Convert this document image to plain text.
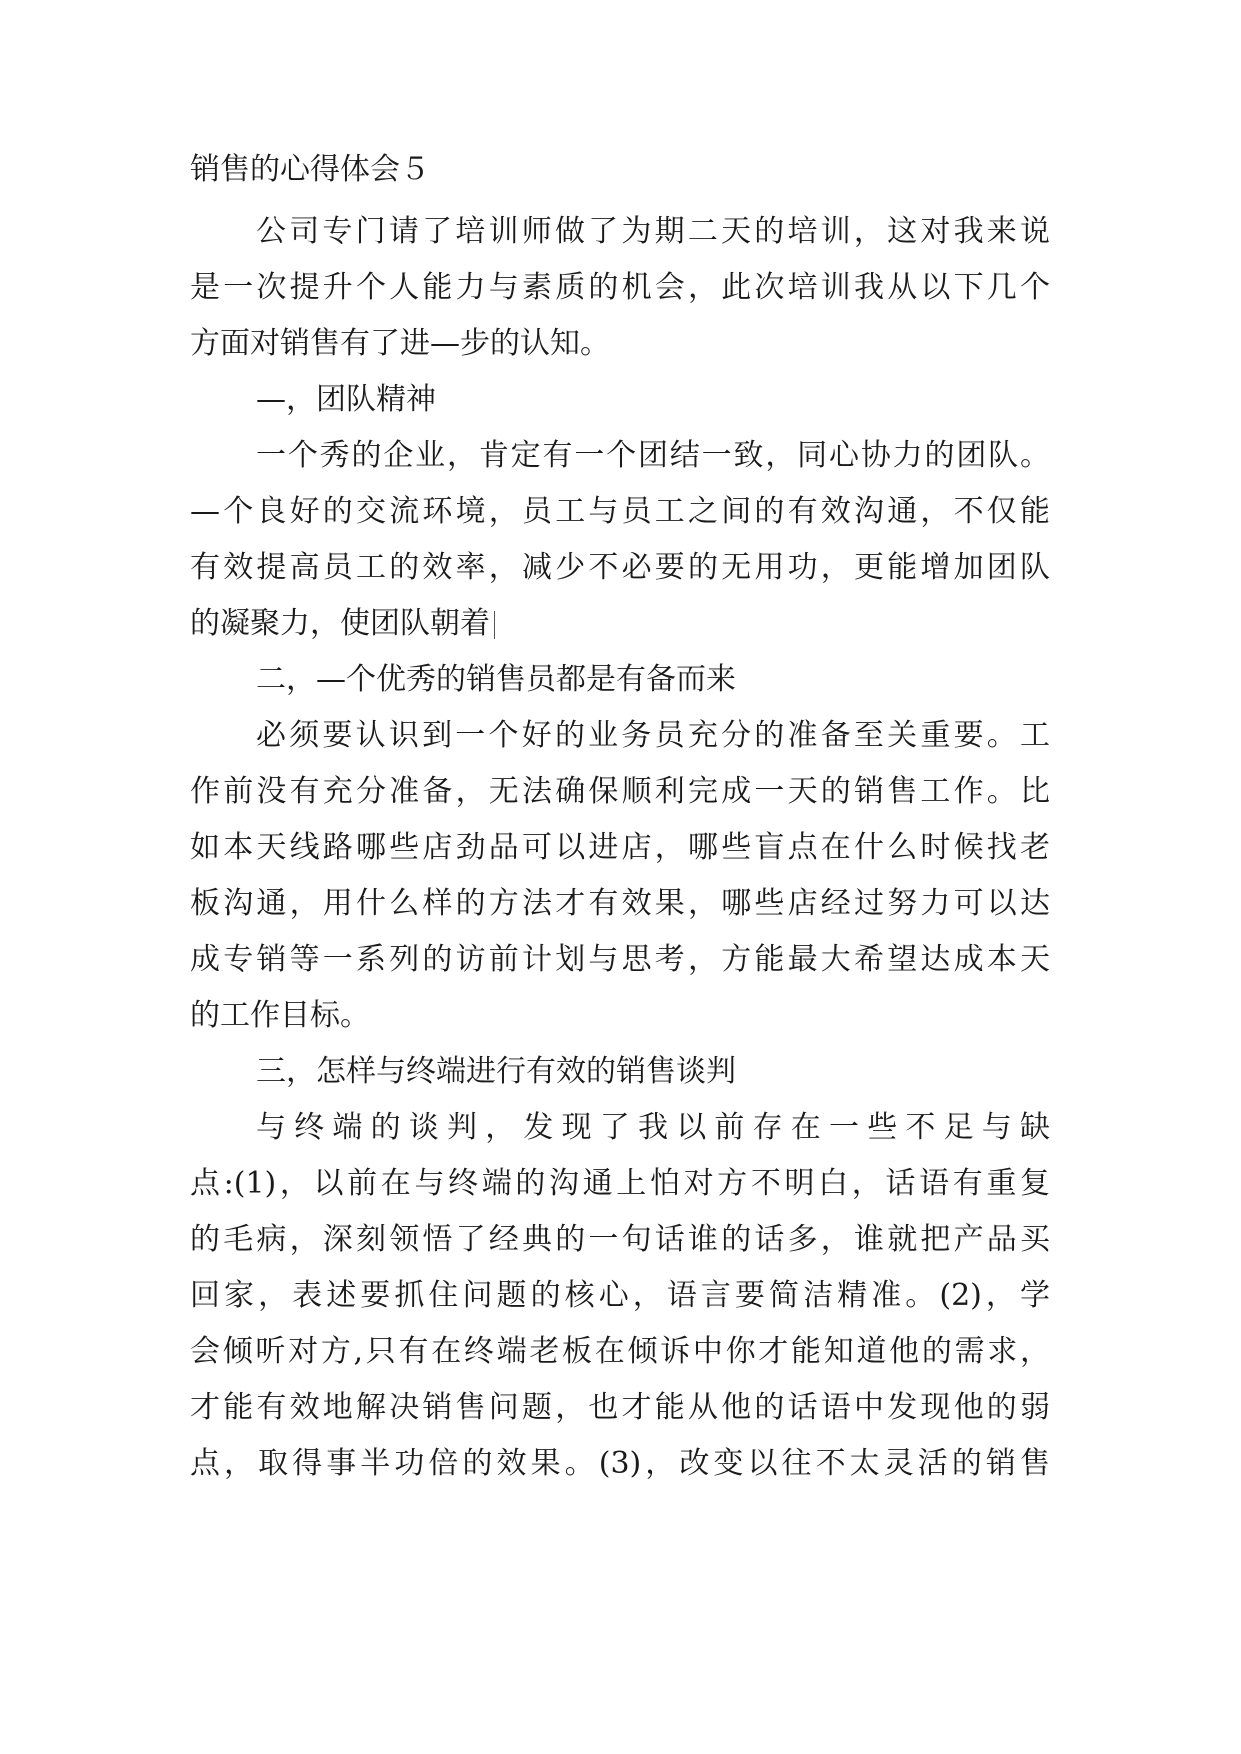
销售的心得体会５
公司专门请了培训师做了为期二天的培训，这对我来说
是一次提升个人能力与素质的机会，此次培训我从以下几个
方面对销售有了进—步的认知。
—，团队精神
一个秀的企业，肯定有一个团结一致，同心协力的团队。
—个良好的交流环境，员工与员工之间的有效沟通，不仅能
有效提高员工的效率，减少不必要的无用功，更能增加团队
的凝聚力，使团队朝着
二，—个优秀的销售员都是有备而来
必须要认识到一个好的业务员充分的准备至关重要。工
作前没有充分准备，无法确保顺利完成一天的销售工作。比
如本天线路哪些店劲品可以进店，哪些盲点在什么时候找老
板沟通，用什么样的方法才有效果，哪些店经过努力可以达
成专销等一系列的访前计划与思考，方能最大希望达成本天
的工作目标。
三，怎样与终端进行有效的销售谈判
与终端的谈判，发现了我以前存在一些不足与缺
点:(1)，以前在与终端的沟通上怕对方不明白，话语有重复
的毛病，深刻领悟了经典的一句话谁的话多，谁就把产品买
回家，表述要抓住问题的核心，语言要简洁精准。(2)，学
会倾听对方,只有在终端老板在倾诉中你才能知道他的需求，
才能有效地解决销售问题，也才能从他的话语中发现他的弱
点，取得事半功倍的效果。(3)，改变以往不太灵活的销售
